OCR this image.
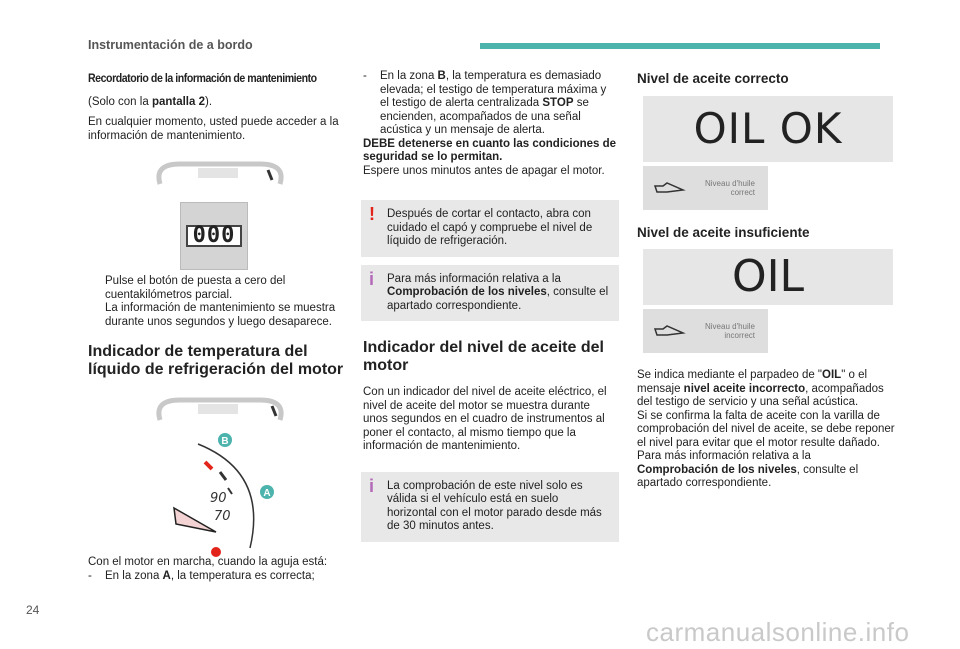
Instrumentación de a bordo
Recordatorio de la información de mantenimiento

(Solo con la pantalla 2).

En cualquier momento, usted puede acceder a la información de mantenimiento.

000
Pulse el botón de puesta a cero del cuentakilómetros parcial.
La información de mantenimiento se muestra durante unos segundos y luego desaparece.
Indicador de temperatura del líquido de refrigeración del motor
B
A
90
70
Con el motor en marcha, cuando la aguja está:
-	En la zona A, la temperatura es correcta;
-	En la zona B, la temperatura es demasiado elevada; el testigo de temperatura máxima y el testigo de alerta centralizada STOP se encienden, acompañados de una señal acústica y un mensaje de alerta.
DEBE detenerse en cuanto las condiciones de seguridad se lo permitan.

Espere unos minutos antes de apagar el motor.

! Después de cortar el contacto, abra con cuidado el capó y compruebe el nivel de líquido de refrigeración.
i Para más información relativa a la Comprobación de los niveles, consulte el apartado correspondiente.
Indicador del nivel de aceite del motor

Con un indicador del nivel de aceite eléctrico, el nivel de aceite del motor se muestra durante unos segundos en el cuadro de instrumentos al poner el contacto, al mismo tiempo que la información de mantenimiento.

i La comprobación de este nivel solo es válida si el vehículo está en suelo horizontal con el motor parado desde más de 30 minutos antes.
Nivel de aceite correcto
OIL OK
Niveau d'huile
correct
Nivel de aceite insuficiente
OIL
Niveau d'huile
incorrect
Se indica mediante el parpadeo de "OIL" o el mensaje nivel aceite incorrecto, acompañados del testigo de servicio y una señal acústica.
Si se confirma la falta de aceite con la varilla de comprobación del nivel de aceite, se debe reponer el nivel para evitar que el motor resulte dañado.
Para más información relativa a la Comprobación de los niveles, consulte el apartado correspondiente.
24
carmanualsonline.info
